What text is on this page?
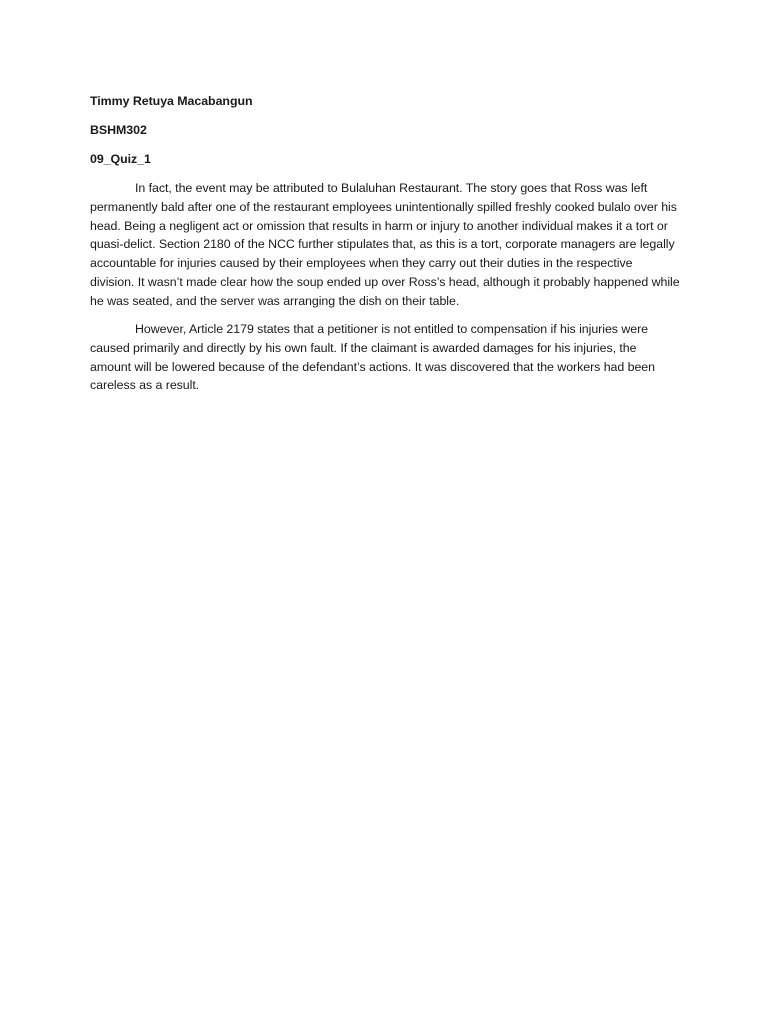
Timmy Retuya Macabangun
BSHM302
09_Quiz_1

In fact, the event may be attributed to Bulaluhan Restaurant. The story goes that Ross was left permanently bald after one of the restaurant employees unintentionally spilled freshly cooked bulalo over his head. Being a negligent act or omission that results in harm or injury to another individual makes it a tort or quasi-delict. Section 2180 of the NCC further stipulates that, as this is a tort, corporate managers are legally accountable for injuries caused by their employees when they carry out their duties in the respective division. It wasn’t made clear how the soup ended up over Ross’s head, although it probably happened while he was seated, and the server was arranging the dish on their table.

However, Article 2179 states that a petitioner is not entitled to compensation if his injuries were caused primarily and directly by his own fault. If the claimant is awarded damages for his injuries, the amount will be lowered because of the defendant’s actions. It was discovered that the workers had been careless as a result.
